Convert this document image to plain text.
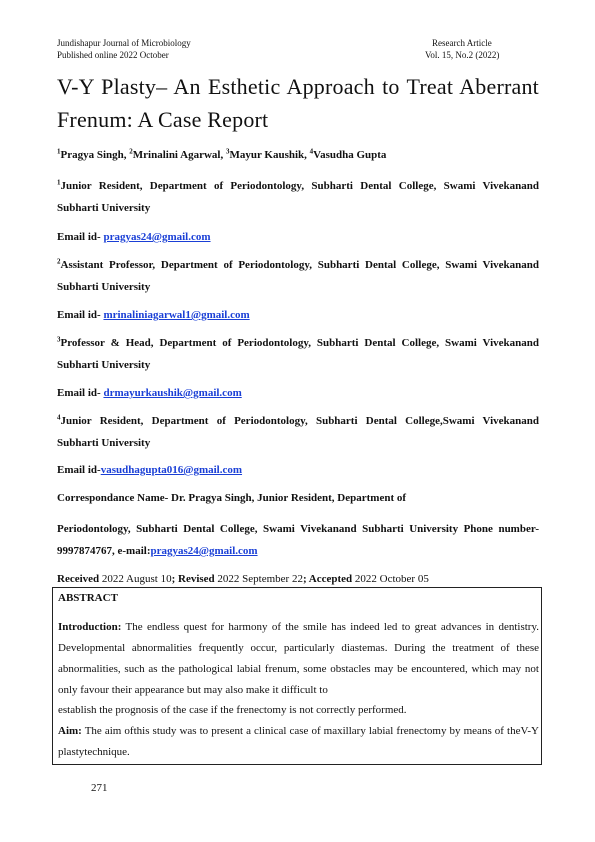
Jundishapur Journal of Microbiology
Published online 2022 October
Research Article
Vol. 15, No.2 (2022)
V-Y Plasty– An Esthetic Approach to Treat Aberrant Frenum: A Case Report
$^1$Pragya Singh, $^2$Mrinalini Agarwal, $^3$Mayur Kaushik, $^4$Vasudha Gupta
$^1$Junior Resident, Department of Periodontology, Subharti Dental College, Swami Vivekanand Subharti University
Email id- pragyas24@gmail.com
$^2$Assistant Professor, Department of Periodontology, Subharti Dental College, Swami Vivekanand Subharti University
Email id- mrinaliniagarwal1@gmail.com
$^3$Professor & Head, Department of Periodontology, Subharti Dental College, Swami Vivekanand Subharti University
Email id- drmayurkaushik@gmail.com
$^4$Junior Resident, Department of Periodontology, Subharti Dental College,Swami Vivekanand Subharti University
Email id-vasudhagupta016@gmail.com
Correspondance Name- Dr. Pragya Singh, Junior Resident, Department of
Periodontology, Subharti Dental College, Swami Vivekanand Subharti University Phone number- 9997874767, e-mail:pragyas24@gmail.com
Received 2022 August 10; Revised 2022 September 22; Accepted 2022 October 05
ABSTRACT
Introduction: The endless quest for harmony of the smile has indeed led to great advances in dentistry. Developmental abnormalities frequently occur, particularly diastemas. During the treatment of these abnormalities, such as the pathological labial frenum, some obstacles may be encountered, which may not only favour their appearance but may also make it difficult to
establish the prognosis of the case if the frenectomy is not correctly performed.
Aim: The aim ofthis study was to present a clinical case of maxillary labial frenectomy by means of theV-Y plastytechnique.
271
